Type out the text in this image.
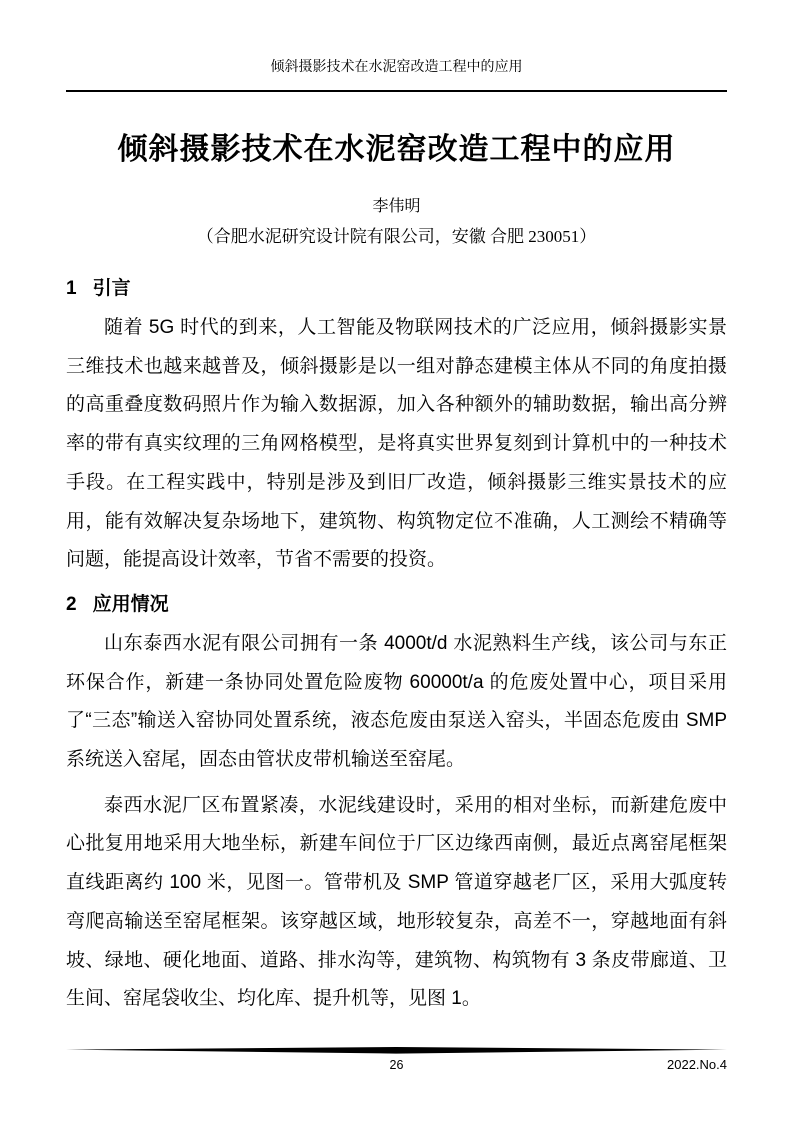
倾斜摄影技术在水泥窑改造工程中的应用
倾斜摄影技术在水泥窑改造工程中的应用
李伟明
（合肥水泥研究设计院有限公司，安徽 合肥 230051）
1 引言

随着 5G 时代的到来，人工智能及物联网技术的广泛应用，倾斜摄影实景三维技术也越来越普及，倾斜摄影是以一组对静态建模主体从不同的角度拍摄的高重叠度数码照片作为输入数据源，加入各种额外的辅助数据，输出高分辨率的带有真实纹理的三角网格模型，是将真实世界复刻到计算机中的一种技术手段。在工程实践中，特别是涉及到旧厂改造，倾斜摄影三维实景技术的应用，能有效解决复杂场地下，建筑物、构筑物定位不准确，人工测绘不精确等问题，能提高设计效率，节省不需要的投资。

2 应用情况

山东泰西水泥有限公司拥有一条 4000t/d 水泥熟料生产线，该公司与东正环保合作，新建一条协同处置危险废物 60000t/a 的危废处置中心，项目采用了“三态”输送入窑协同处置系统，液态危废由泵送入窑头，半固态危废由 SMP 系统送入窑尾，固态由管状皮带机输送至窑尾。

泰西水泥厂区布置紧凑，水泥线建设时，采用的相对坐标，而新建危废中心批复用地采用大地坐标，新建车间位于厂区边缘西南侧，最近点离窑尾框架直线距离约 100 米，见图一。管带机及 SMP 管道穿越老厂区，采用大弧度转弯爬高输送至窑尾框架。该穿越区域，地形较复杂，高差不一，穿越地面有斜坡、绿地、硬化地面、道路、排水沟等，建筑物、构筑物有 3 条皮带廊道、卫生间、窑尾袋收尘、均化库、提升机等，见图 1。

26	2022.No.4
